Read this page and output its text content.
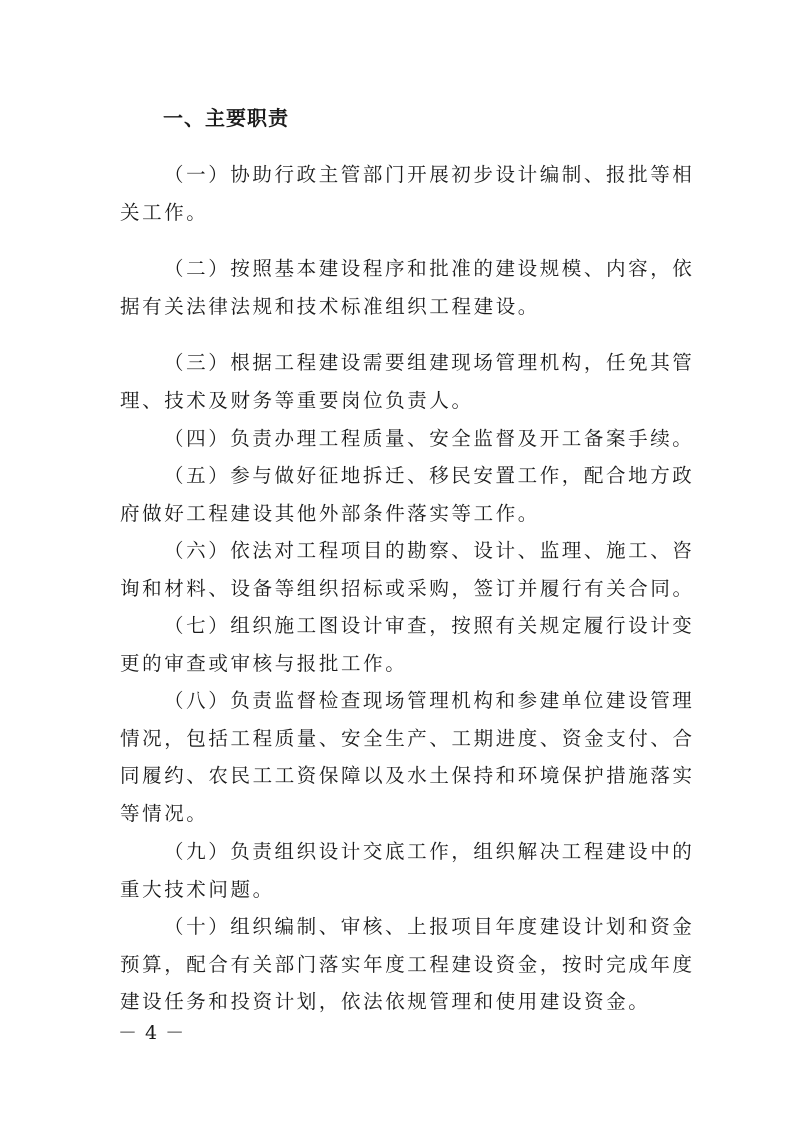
一、主要职责
（一）协助行政主管部门开展初步设计编制、报批等相
关工作。
（二）按照基本建设程序和批准的建设规模、内容，依
据有关法律法规和技术标准组织工程建设。
（三）根据工程建设需要组建现场管理机构，任免其管
理、技术及财务等重要岗位负责人。
（四）负责办理工程质量、安全监督及开工备案手续。
（五）参与做好征地拆迁、移民安置工作，配合地方政
府做好工程建设其他外部条件落实等工作。
（六）依法对工程项目的勘察、设计、监理、施工、咨
询和材料、设备等组织招标或采购，签订并履行有关合同。
（七）组织施工图设计审查，按照有关规定履行设计变
更的审查或审核与报批工作。
（八）负责监督检查现场管理机构和参建单位建设管理
情况，包括工程质量、安全生产、工期进度、资金支付、合
同履约、农民工工资保障以及水土保持和环境保护措施落实
等情况。
（九）负责组织设计交底工作，组织解决工程建设中的
重大技术问题。
（十）组织编制、审核、上报项目年度建设计划和资金
预算，配合有关部门落实年度工程建设资金，按时完成年度
建设任务和投资计划，依法依规管理和使用建设资金。
－ 4 －
